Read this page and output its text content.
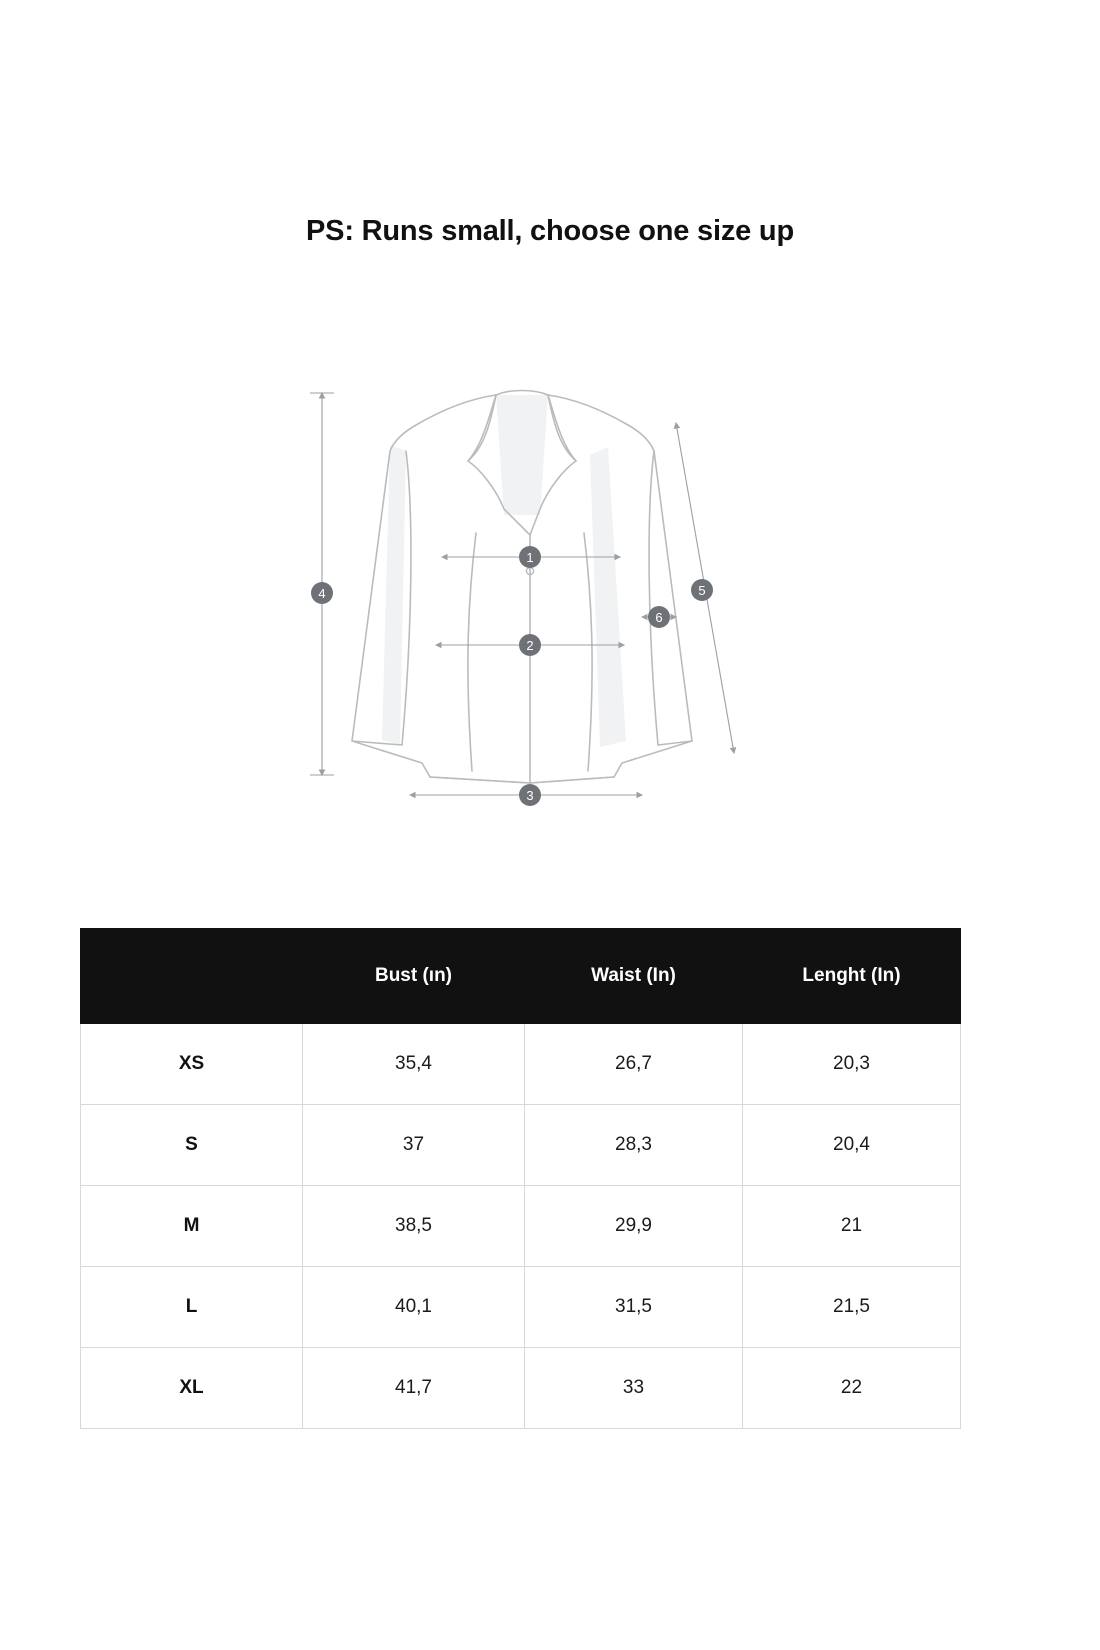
PS: Runs small, choose one size up
1
2
3
4	5
6
	Bust (ın)	Waist (In)	Lenght (In)
XS	35,4	26,7	20,3
S	37	28,3	20,4
M	38,5	29,9	21
L	40,1	31,5	21,5
XL	41,7	33	22
